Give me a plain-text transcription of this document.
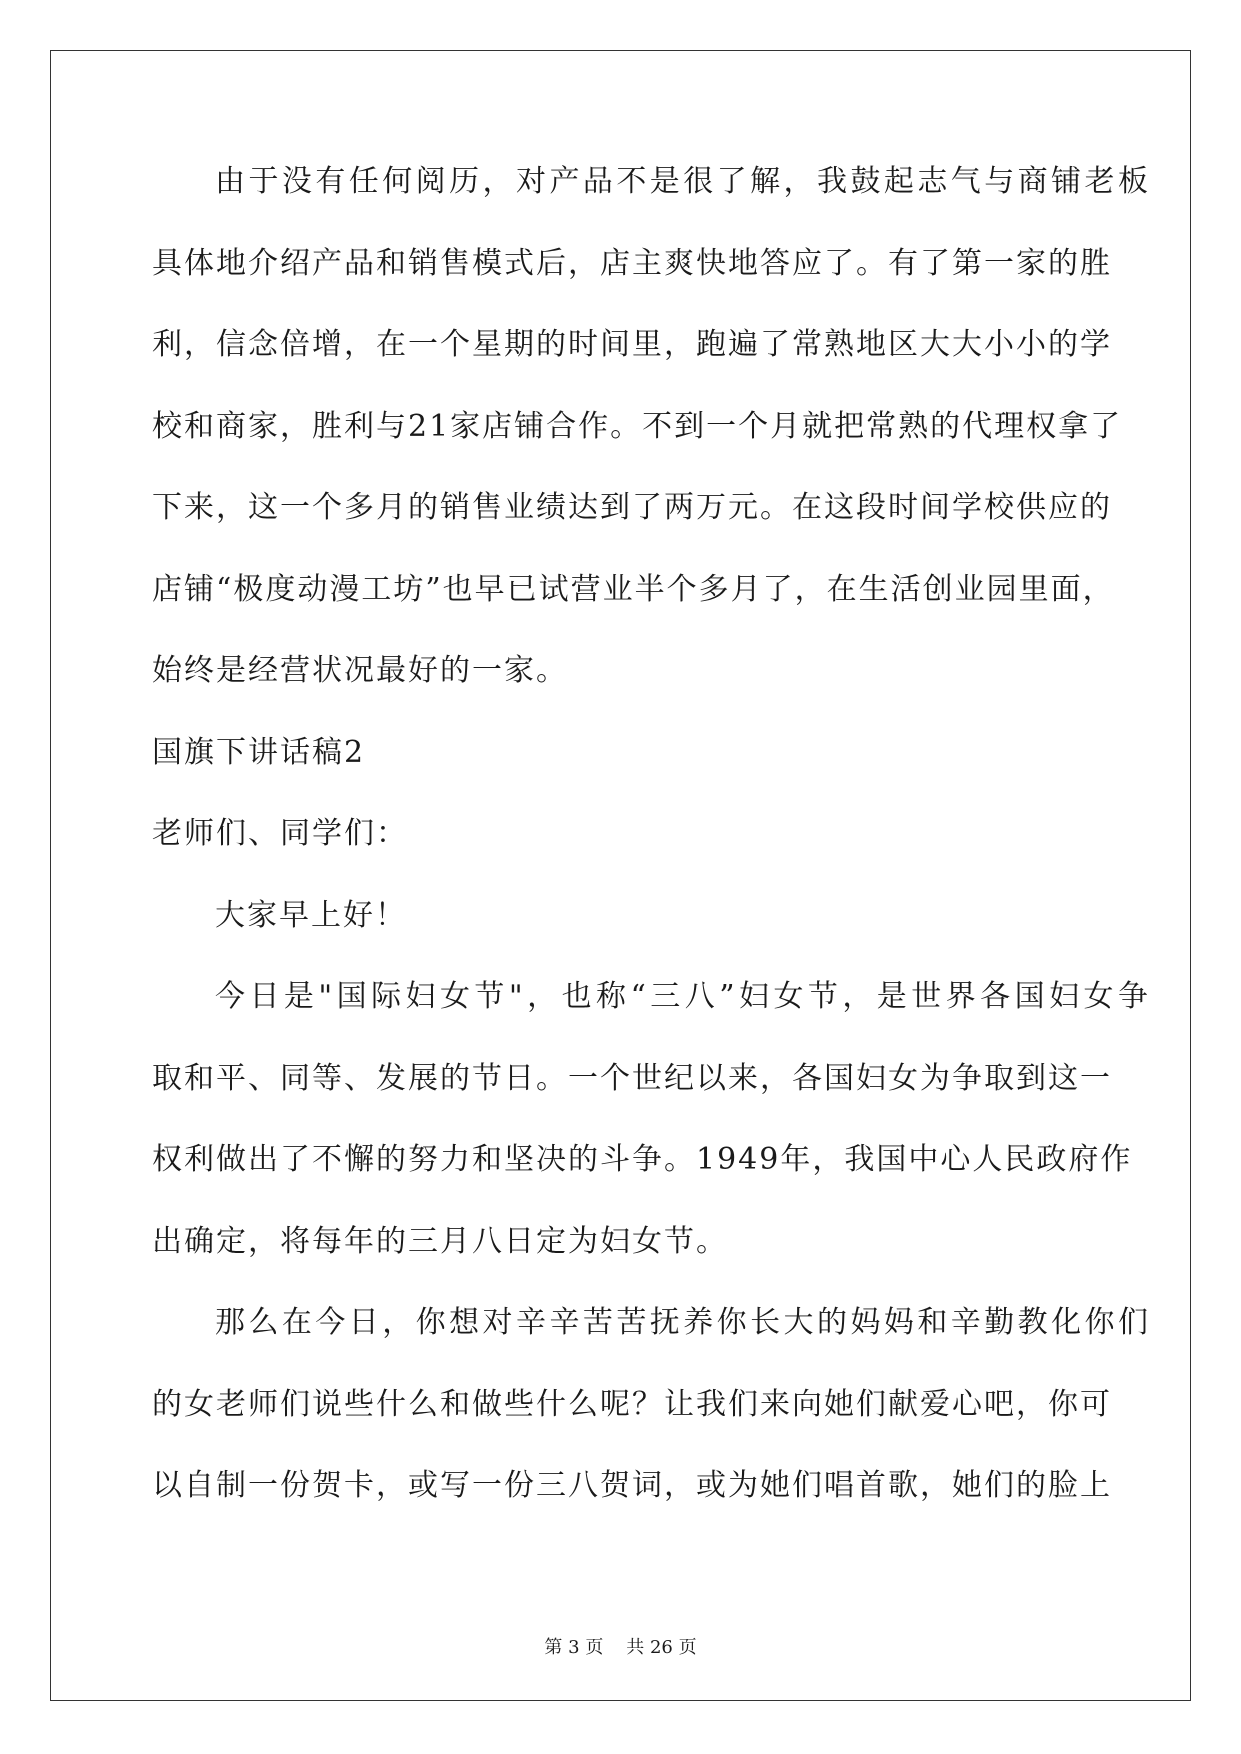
由于没有任何阅历，对产品不是很了解，我鼓起志气与商铺老板
具体地介绍产品和销售模式后，店主爽快地答应了。有了第一家的胜
利，信念倍增，在一个星期的时间里，跑遍了常熟地区大大小小的学
校和商家，胜利与21家店铺合作。不到一个月就把常熟的代理权拿了
下来，这一个多月的销售业绩达到了两万元。在这段时间学校供应的
店铺“极度动漫工坊”也早已试营业半个多月了，在生活创业园里面，
始终是经营状况最好的一家。
国旗下讲话稿2
老师们、同学们：
大家早上好！
今日是"国际妇女节"，也称“三八”妇女节，是世界各国妇女争
取和平、同等、发展的节日。一个世纪以来，各国妇女为争取到这一
权利做出了不懈的努力和坚决的斗争。1949年，我国中心人民政府作
出确定，将每年的三月八日定为妇女节。
那么在今日，你想对辛辛苦苦抚养你长大的妈妈和辛勤教化你们
的女老师们说些什么和做些什么呢？让我们来向她们献爱心吧，你可
以自制一份贺卡，或写一份三八贺词，或为她们唱首歌，她们的脸上
第 3 页 共 26 页
